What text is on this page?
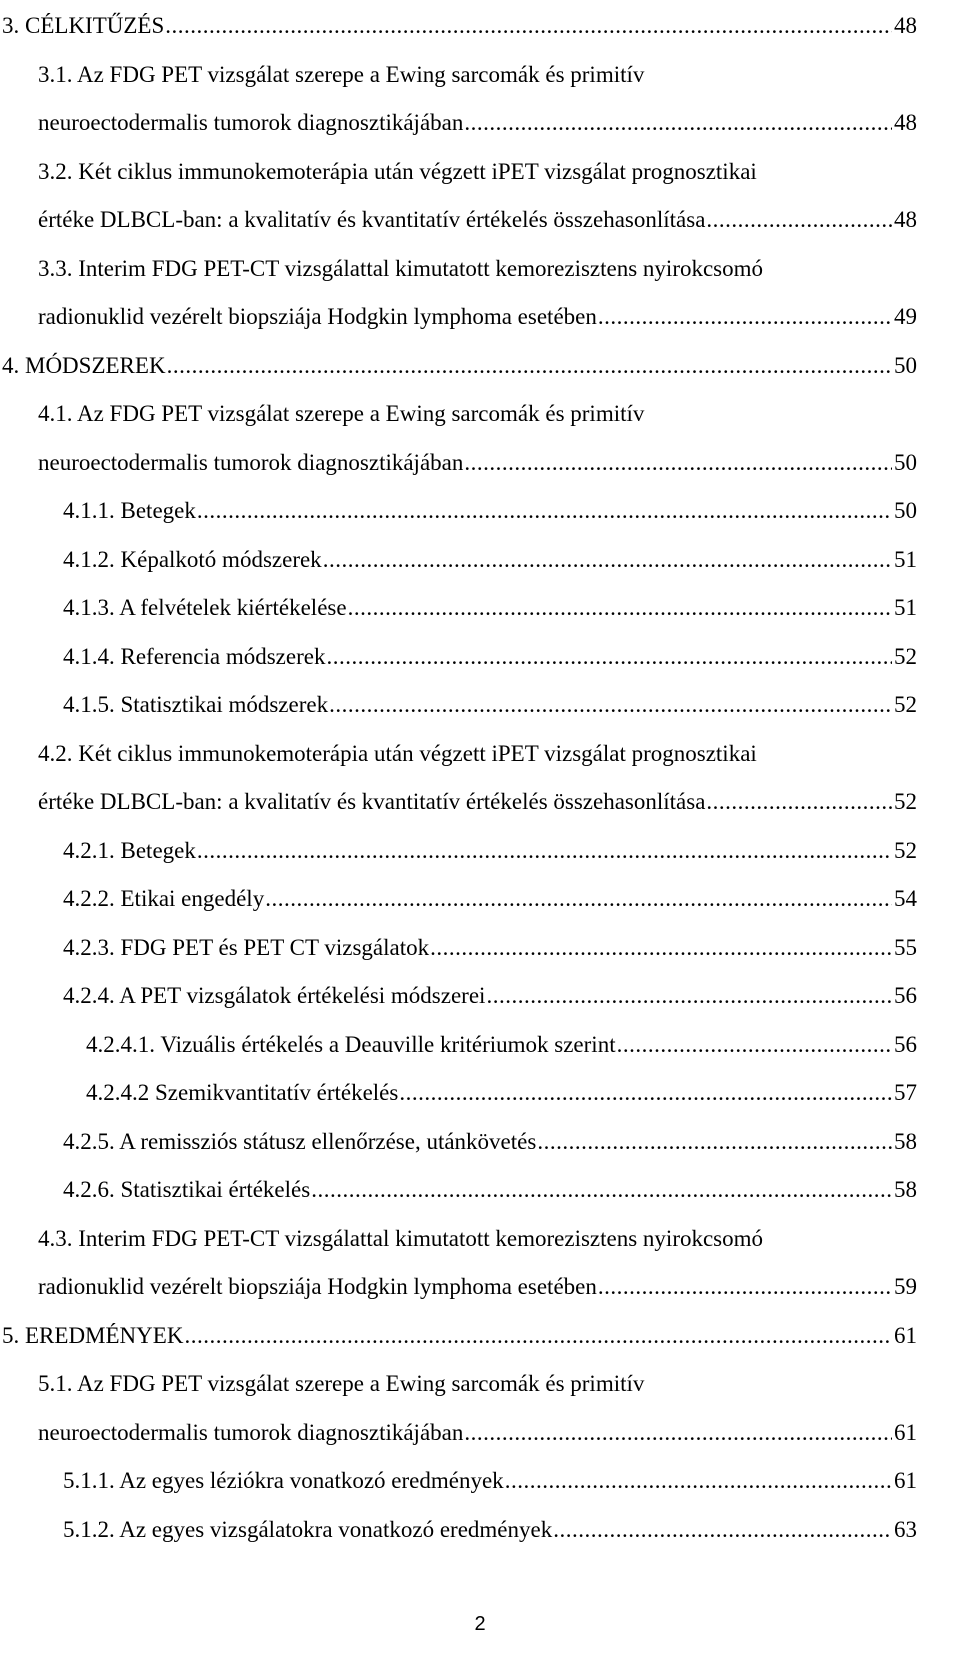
3. CÉLKITŰZÉS .....	48
3.1. Az FDG PET vizsgálat szerepe a Ewing sarcomák és primitív
neuroectodermalis tumorok diagnosztikájában .....	48
3.2. Két ciklus immunokemoterápia után végzett iPET vizsgálat prognosztikai
értéke DLBCL-ban: a kvalitatív és kvantitatív értékelés összehasonlítása .....	48
3.3. Interim FDG PET-CT vizsgálattal kimutatott kemorezisztens nyirokcsomó
radionuklid vezérelt biopsziája Hodgkin lymphoma esetében .....	49
4. MÓDSZEREK .....	50
4.1. Az FDG PET vizsgálat szerepe a Ewing sarcomák és primitív
neuroectodermalis tumorok diagnosztikájában .....	50
4.1.1. Betegek .....	50
4.1.2. Képalkotó módszerek .....	51
4.1.3. A felvételek kiértékelése .....	51
4.1.4. Referencia módszerek .....	52
4.1.5. Statisztikai módszerek .....	52
4.2. Két ciklus immunokemoterápia után végzett iPET vizsgálat prognosztikai
értéke DLBCL-ban: a kvalitatív és kvantitatív értékelés összehasonlítása .....	52
4.2.1. Betegek .....	52
4.2.2. Etikai engedély .....	54
4.2.3. FDG PET és PET CT vizsgálatok .....	55
4.2.4. A PET vizsgálatok értékelési módszerei .....	56
4.2.4.1. Vizuális értékelés a Deauville kritériumok szerint .....	56
4.2.4.2 Szemikvantitatív értékelés .....	57
4.2.5. A remissziós státusz ellenőrzése, utánkövetés .....	58
4.2.6. Statisztikai értékelés .....	58
4.3. Interim FDG PET-CT vizsgálattal kimutatott kemorezisztens nyirokcsomó
radionuklid vezérelt biopsziája Hodgkin lymphoma esetében .....	59
5. EREDMÉNYEK .....	61
5.1. Az FDG PET vizsgálat szerepe a Ewing sarcomák és primitív
neuroectodermalis tumorok diagnosztikájában .....	61
5.1.1. Az egyes léziókra vonatkozó eredmények .....	61
5.1.2. Az egyes vizsgálatokra vonatkozó eredmények .....	63
2
